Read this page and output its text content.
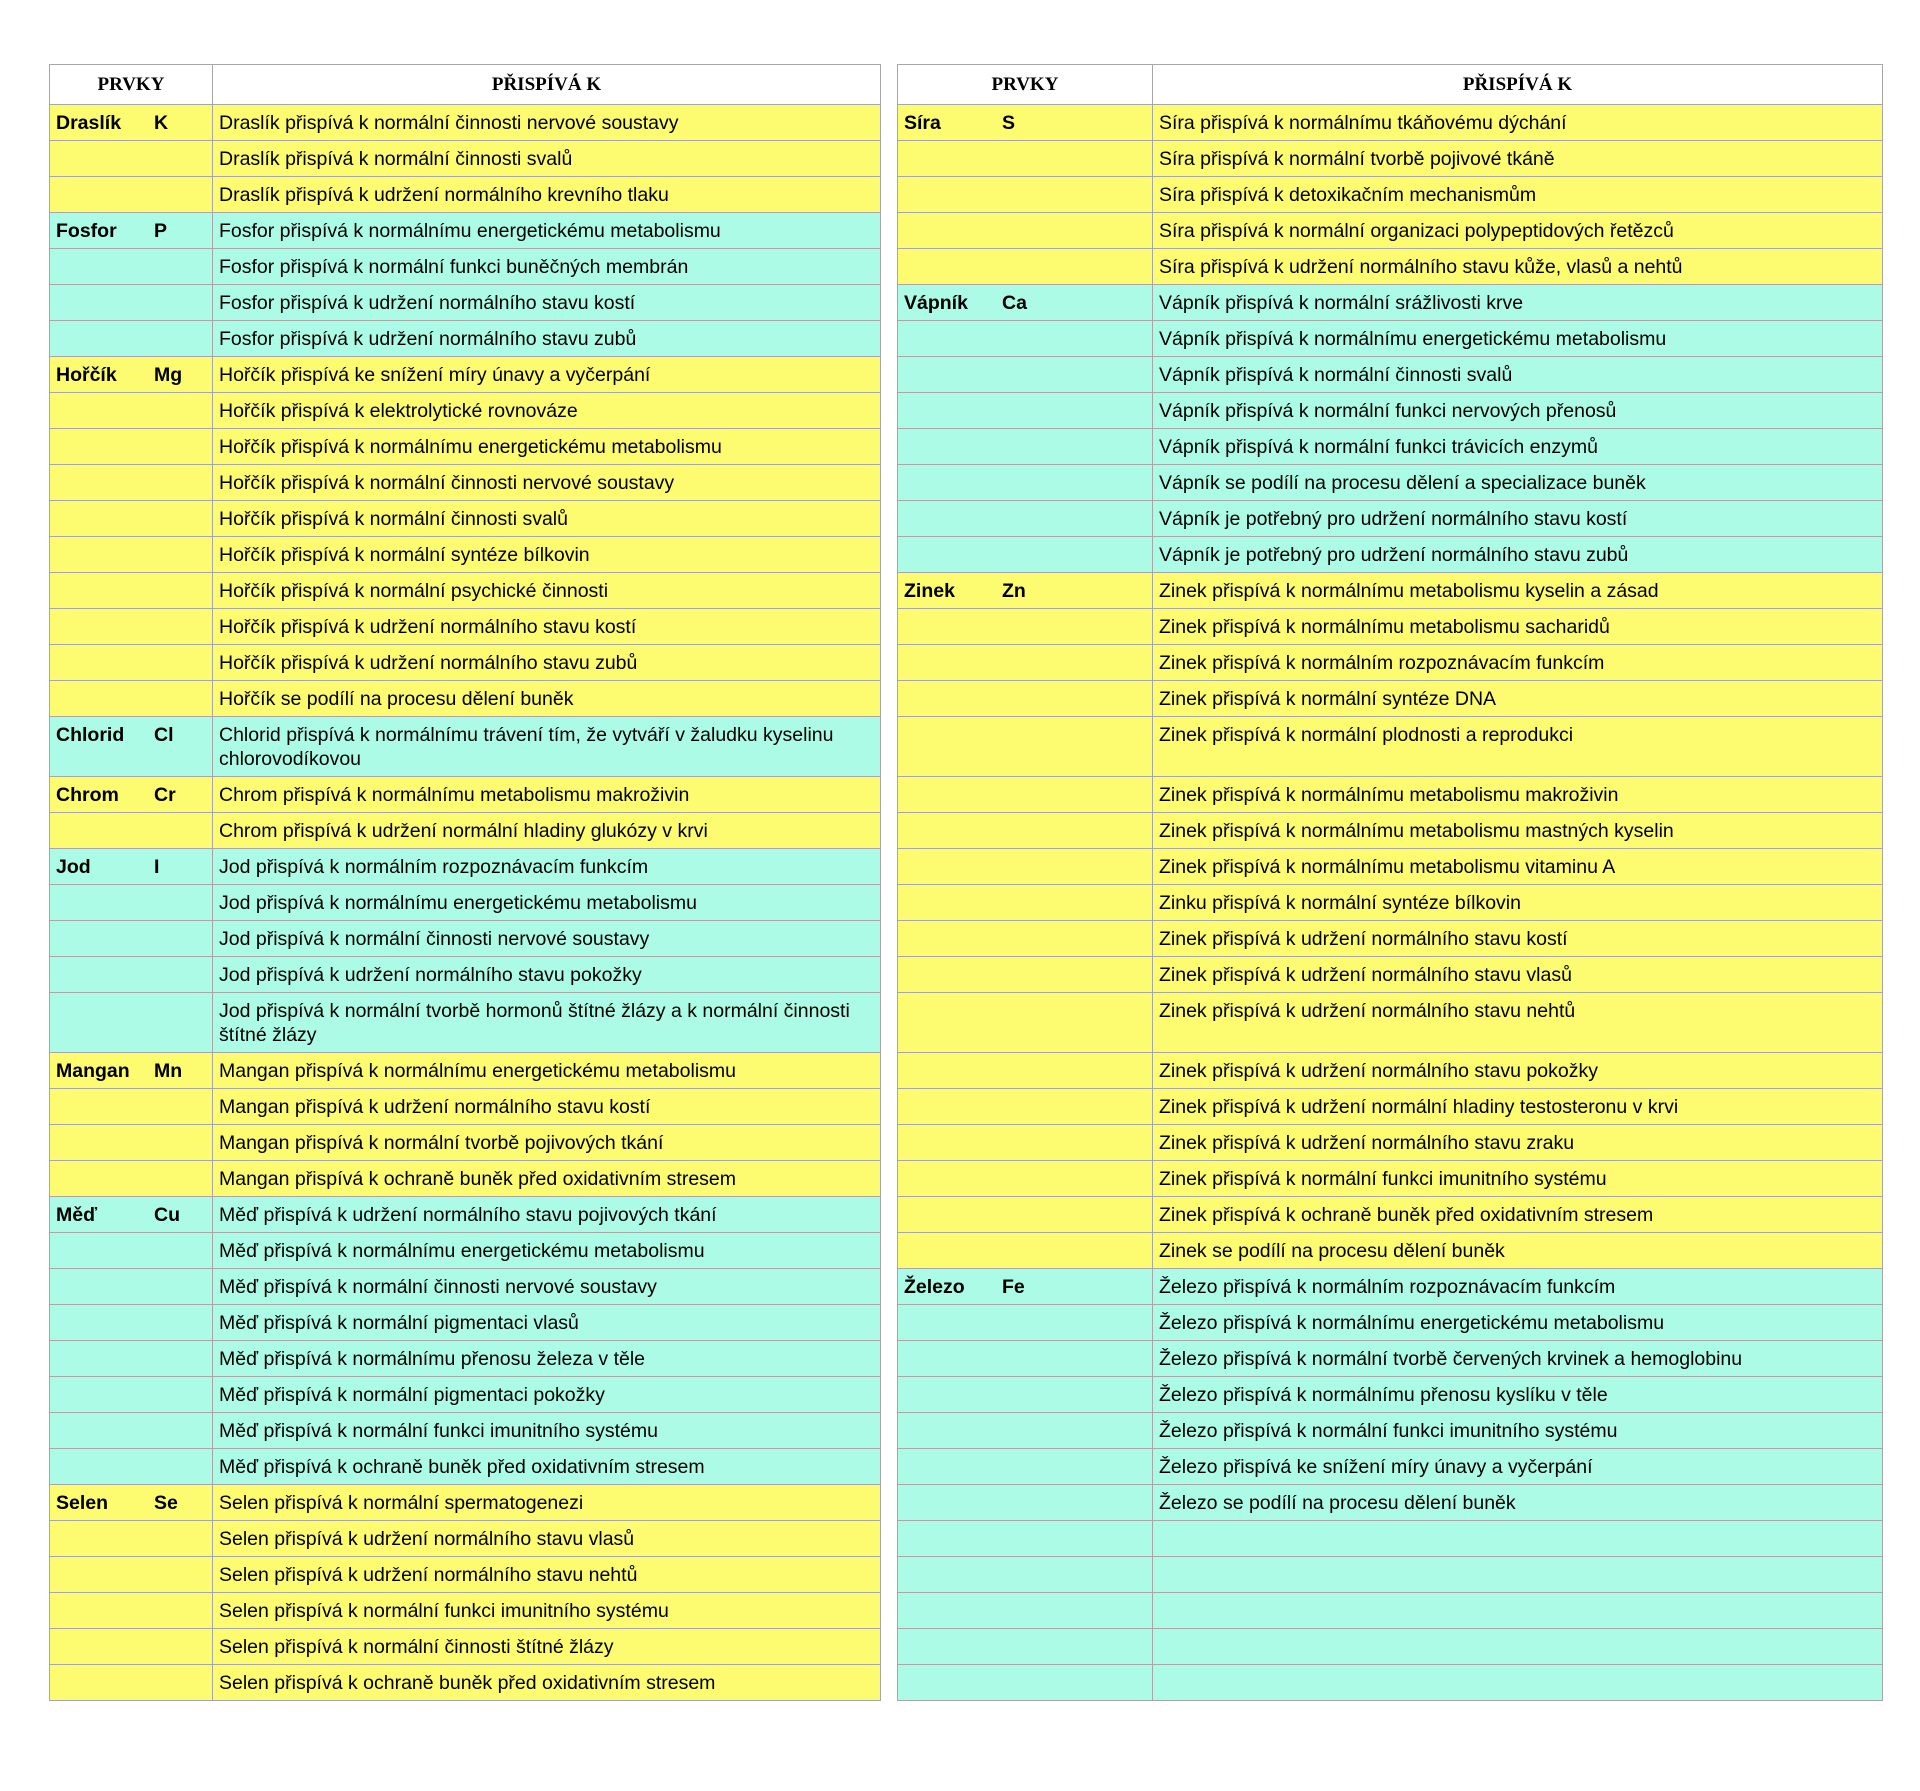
PRVKY	PŘISPÍVÁ K		PRVKY	PŘISPÍVÁ K
Draslík K	Draslík přispívá k normální činnosti nervové soustavy		Síra S	Síra přispívá k normálnímu tkáňovému dýchání

	Draslík přispívá k normální činnosti svalů			Síra přispívá k normální tvorbě pojivové tkáně

	Draslík přispívá k udržení normálního krevního tlaku			Síra přispívá k detoxikačním mechanismům
Fosfor P	Fosfor přispívá k normálnímu energetickému metabolismu			Síra přispívá k normální organizaci polypeptidových řetězců

	Fosfor přispívá k normální funkci buněčných membrán			Síra přispívá k udržení normálního stavu kůže, vlasů a nehtů

	Fosfor přispívá k udržení normálního stavu kostí		Vápník Ca	Vápník přispívá k normální srážlivosti krve

	Fosfor přispívá k udržení normálního stavu zubů			Vápník přispívá k normálnímu energetickému metabolismu
Hořčík Mg	Hořčík přispívá ke snížení míry únavy a vyčerpání			Vápník přispívá k normální činnosti svalů

	Hořčík přispívá k elektrolytické rovnováze			Vápník přispívá k normální funkci nervových přenosů

	Hořčík přispívá k normálnímu energetickému metabolismu			Vápník přispívá k normální funkci trávicích enzymů

	Hořčík přispívá k normální činnosti nervové soustavy			Vápník se podílí na procesu dělení a specializace buněk

	Hořčík přispívá k normální činnosti svalů			Vápník je potřebný pro udržení normálního stavu kostí

	Hořčík přispívá k normální syntéze bílkovin			Vápník je potřebný pro udržení normálního stavu zubů

	Hořčík přispívá k normální psychické činnosti		Zinek Zn	Zinek přispívá k normálnímu metabolismu kyselin a zásad

	Hořčík přispívá k udržení normálního stavu kostí			Zinek přispívá k normálnímu metabolismu sacharidů

	Hořčík přispívá k udržení normálního stavu zubů			Zinek přispívá k normálním rozpoznávacím funkcím

	Hořčík se podílí na procesu dělení buněk			Zinek přispívá k normální syntéze DNA
Chlorid Cl	Chlorid přispívá k normálnímu trávení tím, že vytváří v žaludku kyselinu chlorovodíkovou			Zinek přispívá k normální plodnosti a reprodukci
Chrom Cr	Chrom přispívá k normálnímu metabolismu makroživin			Zinek přispívá k normálnímu metabolismu makroživin

	Chrom přispívá k udržení normální hladiny glukózy v krvi			Zinek přispívá k normálnímu metabolismu mastných kyselin
Jod I	Jod přispívá k normálním rozpoznávacím funkcím			Zinek přispívá k normálnímu metabolismu vitaminu A

	Jod přispívá k normálnímu energetickému metabolismu			Zinku přispívá k normální syntéze bílkovin

	Jod přispívá k normální činnosti nervové soustavy			Zinek přispívá k udržení normálního stavu kostí

	Jod přispívá k udržení normálního stavu pokožky			Zinek přispívá k udržení normálního stavu vlasů

	Jod přispívá k normální tvorbě hormonů štítné žlázy a k normální činnosti štítné žlázy			Zinek přispívá k udržení normálního stavu nehtů
Mangan Mn	Mangan přispívá k normálnímu energetickému metabolismu			Zinek přispívá k udržení normálního stavu pokožky

	Mangan přispívá k udržení normálního stavu kostí			Zinek přispívá k udržení normální hladiny testosteronu v krvi

	Mangan přispívá k normální tvorbě pojivových tkání			Zinek přispívá k udržení normálního stavu zraku

	Mangan přispívá k ochraně buněk před oxidativním stresem			Zinek přispívá k normální funkci imunitního systému
Měď Cu	Měď přispívá k udržení normálního stavu pojivových tkání			Zinek přispívá k ochraně buněk před oxidativním stresem

	Měď přispívá k normálnímu energetickému metabolismu			Zinek se podílí na procesu dělení buněk

	Měď přispívá k normální činnosti nervové soustavy		Železo Fe	Železo přispívá k normálním rozpoznávacím funkcím

	Měď přispívá k normální pigmentaci vlasů			Železo přispívá k normálnímu energetickému metabolismu

	Měď přispívá k normálnímu přenosu železa v těle			Železo přispívá k normální tvorbě červených krvinek a hemoglobinu

	Měď přispívá k normální pigmentaci pokožky			Železo přispívá k normálnímu přenosu kyslíku v těle

	Měď přispívá k normální funkci imunitního systému			Železo přispívá k normální funkci imunitního systému

	Měď přispívá k ochraně buněk před oxidativním stresem			Železo přispívá ke snížení míry únavy a vyčerpání
Selen Se	Selen přispívá k normální spermatogenezi			Železo se podílí na procesu dělení buněk

	Selen přispívá k udržení normálního stavu vlasů		

	Selen přispívá k udržení normálního stavu nehtů		

	Selen přispívá k normální funkci imunitního systému		

	Selen přispívá k normální činnosti štítné žlázy		

	Selen přispívá k ochraně buněk před oxidativním stresem		
